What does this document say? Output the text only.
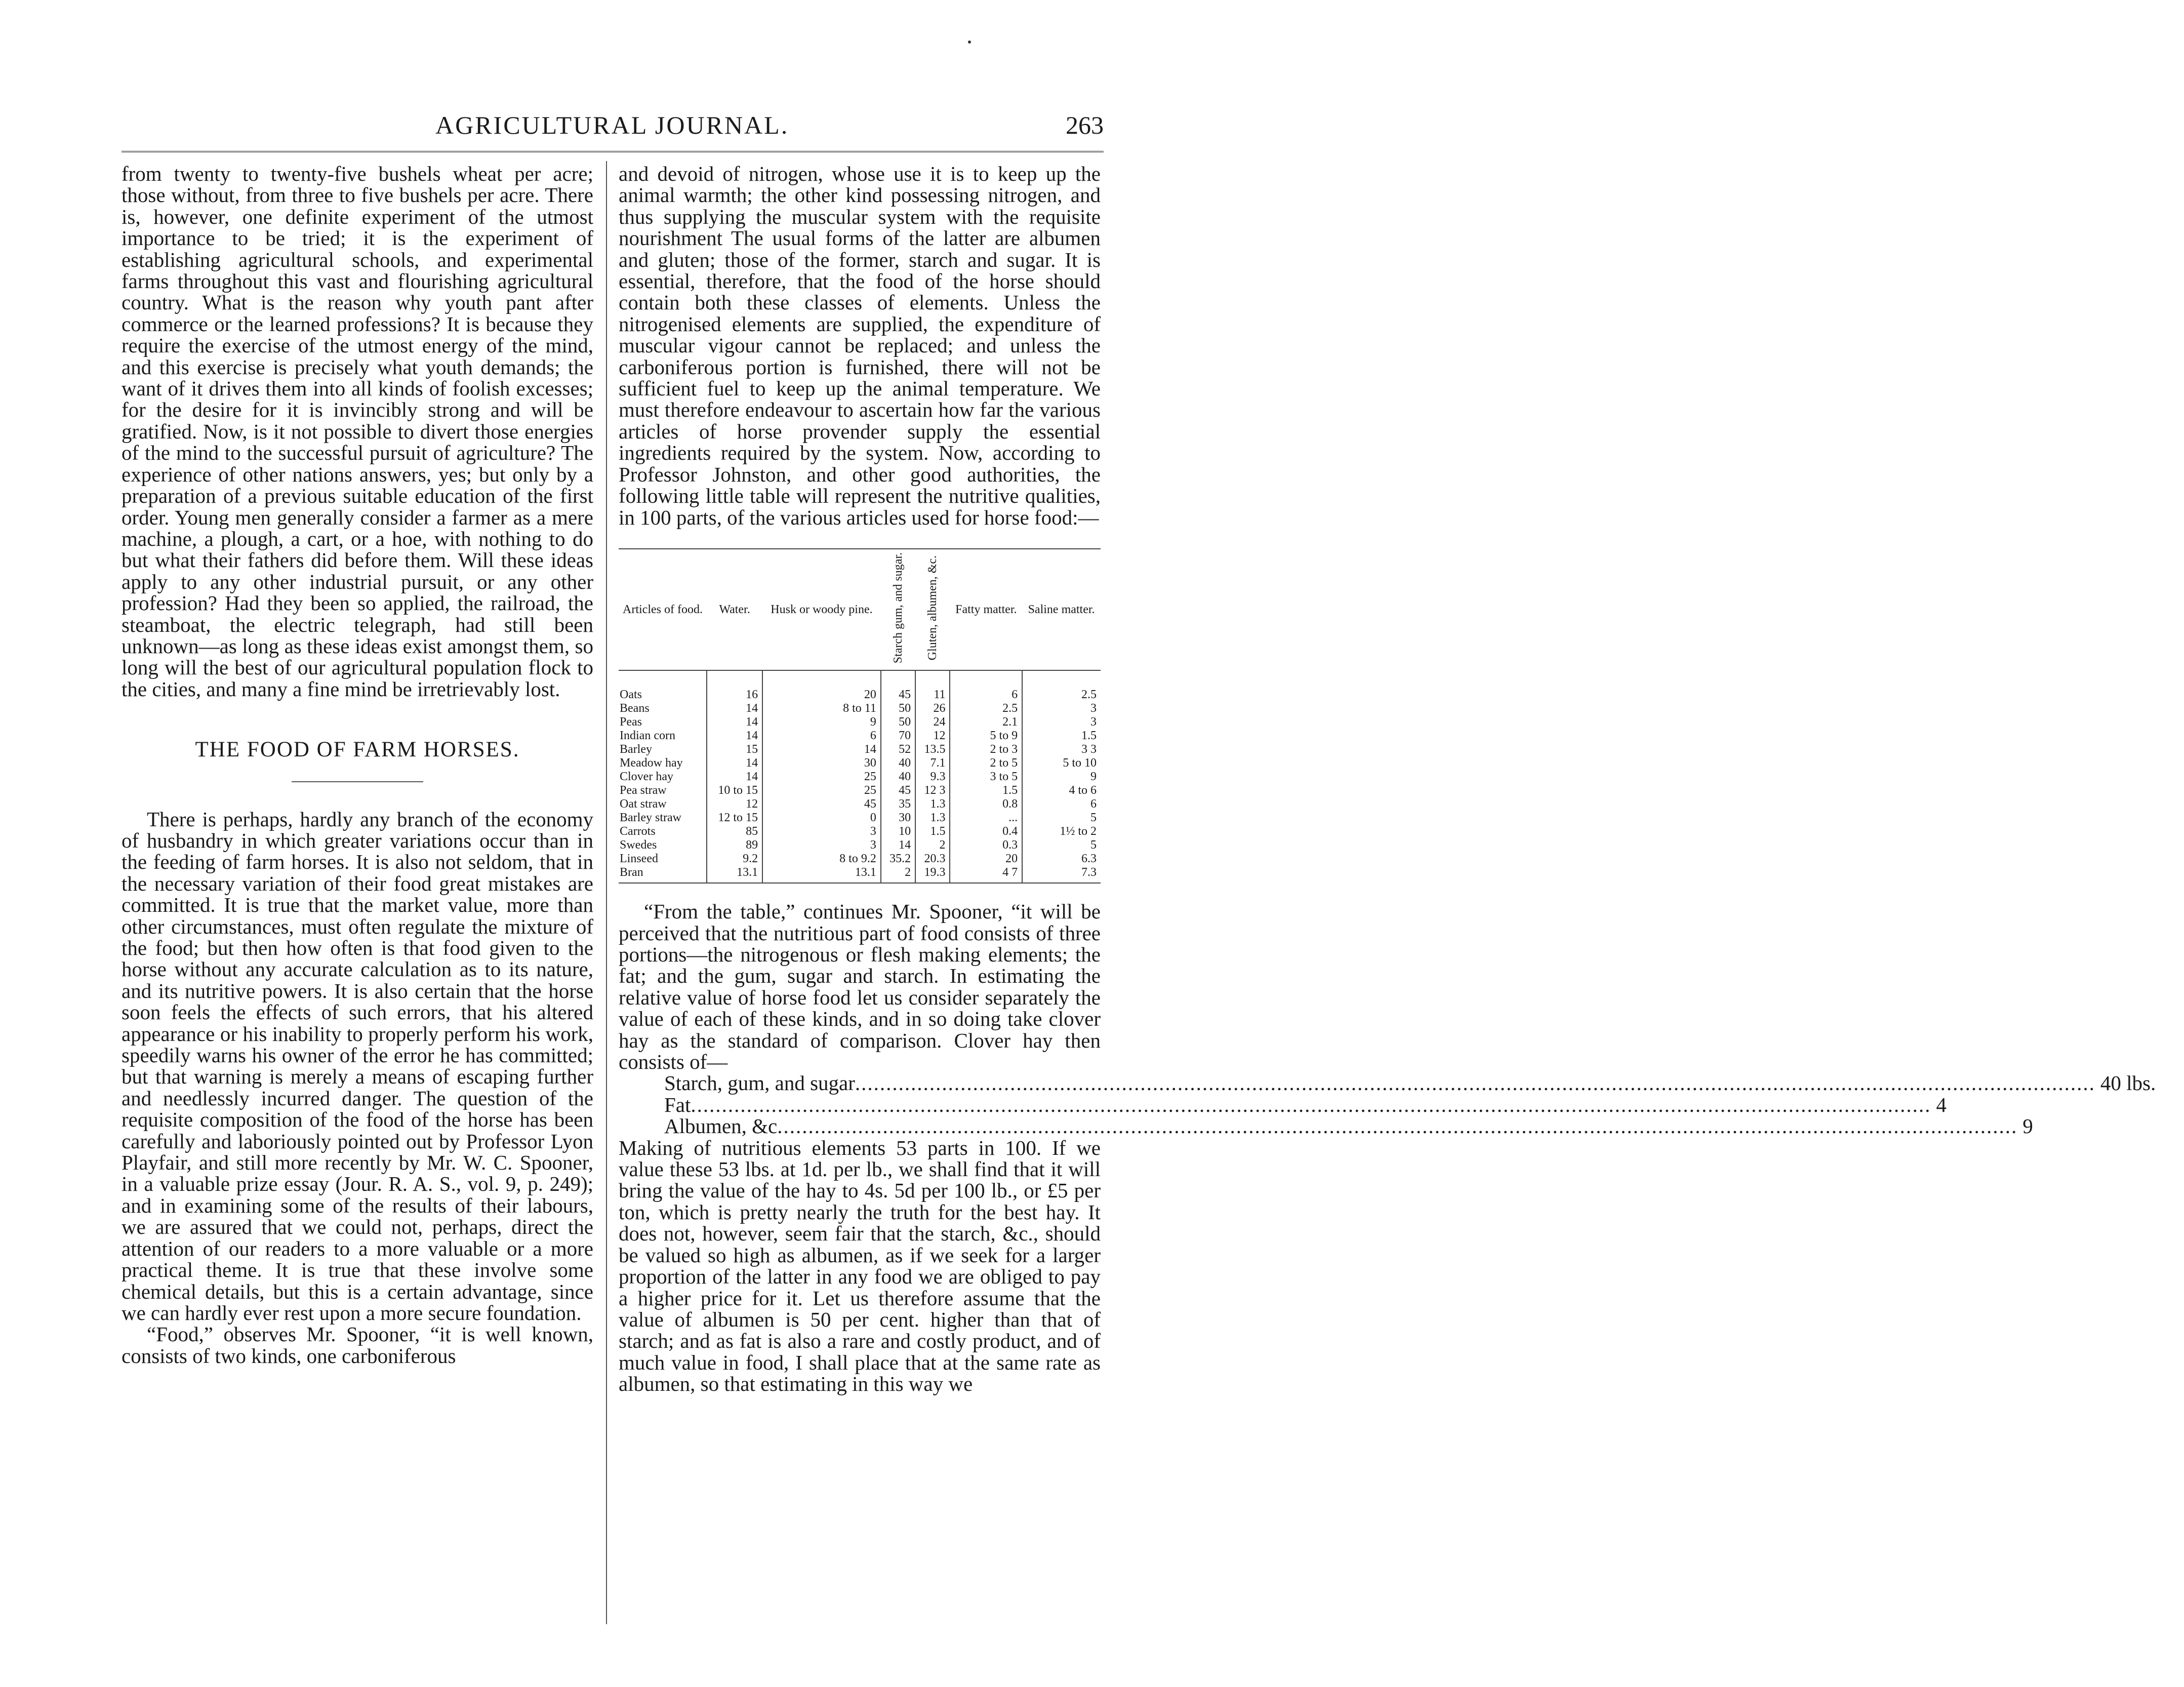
AGRICULTURAL JOURNAL.	263

from twenty to twenty-five bushels wheat per acre; those without, from three to five bushels per acre. There is, however, one definite experiment of the utmost importance to be tried; it is the experiment of establishing agricultural schools, and experimental farms throughout this vast and flourishing agricultural country. What is the reason why youth pant after commerce or the learned professions? It is because they require the exercise of the utmost energy of the mind, and this exercise is precisely what youth demands; the want of it drives them into all kinds of foolish excesses; for the desire for it is invincibly strong and will be gratified. Now, is it not possible to divert those energies of the mind to the successful pursuit of agriculture? The experience of other nations answers, yes; but only by a preparation of a previous suitable education of the first order. Young men generally consider a farmer as a mere machine, a plough, a cart, or a hoe, with nothing to do but what their fathers did before them. Will these ideas apply to any other industrial pursuit, or any other profession? Had they been so applied, the railroad, the steamboat, the electric telegraph, had still been unknown—as long as these ideas exist amongst them, so long will the best of our agricultural population flock to the cities, and many a fine mind be irretrievably lost.

THE FOOD OF FARM HORSES.

There is perhaps, hardly any branch of the economy of husbandry in which greater variations occur than in the feeding of farm horses. It is also not seldom, that in the necessary variation of their food great mistakes are committed. It is true that the market value, more than other circumstances, must often regulate the mixture of the food; but then how often is that food given to the horse without any accurate calculation as to its nature, and its nutritive powers. It is also certain that the horse soon feels the effects of such errors, that his altered appearance or his inability to properly perform his work, speedily warns his owner of the error he has committed; but that warning is merely a means of escaping further and needlessly incurred danger. The question of the requisite composition of the food of the horse has been carefully and laboriously pointed out by Professor Lyon Playfair, and still more recently by Mr. W. C. Spooner, in a valuable prize essay (Jour. R. A. S., vol. 9, p. 249); and in examining some of the results of their labours, we are assured that we could not, perhaps, direct the attention of our readers to a more valuable or a more practical theme. It is true that these involve some chemical details, but this is a certain advantage, since we can hardly ever rest upon a more secure foundation.

“Food,” observes Mr. Spooner, “it is well known, consists of two kinds, one carboniferous

and devoid of nitrogen, whose use it is to keep up the animal warmth; the other kind possessing nitrogen, and thus supplying the muscular system with the requisite nourishment The usual forms of the latter are albumen and gluten; those of the former, starch and sugar. It is essential, therefore, that the food of the horse should contain both these classes of elements. Unless the nitrogenised elements are supplied, the expenditure of muscular vigour cannot be replaced; and unless the carboniferous portion is furnished, there will not be sufficient fuel to keep up the animal temperature. We must therefore endeavour to ascertain how far the various articles of horse provender supply the essential ingredients required by the system. Now, according to Professor Johnston, and other good authorities, the following little table will represent the nutritive qualities, in 100 parts, of the various articles used for horse food:—

Articles of food.	Water.	Husk or woody pine.	Starch gum, and sugar.	Gluten, albumen, &c.	Fatty matter.	Saline matter.
Oats	16	20	45	11	6	2.5
Beans	14	8 to 11	50	26	2.5	3
Peas	14	9	50	24	2.1	3
Indian corn	14	6	70	12	5 to 9	1.5
Barley	15	14	52	13.5	2 to 3	3 3
Meadow hay	14	30	40	7.1	2 to 5	5 to 10
Clover hay	14	25	40	9.3	3 to 5	9
Pea straw	10 to 15	25	45	12 3	1.5	4 to 6
Oat straw	12	45	35	1.3	0.8	6
Barley straw	12 to 15	0	30	1.3	...	5
Carrots	85	3	10	1.5	0.4	1½ to 2
Swedes	89	3	14	2	0.3	5
Linseed	9.2	8 to 9.2	35.2	20.3	20	6.3
Bran	13.1	13.1	2	19.3	4 7	7.3

“From the table,” continues Mr. Spooner, “it will be perceived that the nutritious part of food consists of three portions—the nitrogenous or flesh making elements; the fat; and the gum, sugar and starch. In estimating the relative value of horse food let us consider separately the value of each of these kinds, and in so doing take clover hay as the standard of comparison. Clover hay then consists of—

Starch, gum, and sugar ........................................................................................................................................................................................................ 40 lbs.
Fat ........................................................................................................................................................................................................ 4
Albumen, &c ........................................................................................................................................................................................................ 9

Making of nutritious elements 53 parts in 100. If we value these 53 lbs. at 1d. per lb., we shall find that it will bring the value of the hay to 4s. 5d per 100 lb., or £5 per ton, which is pretty nearly the truth for the best hay. It does not, however, seem fair that the starch, &c., should be valued so high as albumen, as if we seek for a larger proportion of the latter in any food we are obliged to pay a higher price for it. Let us therefore assume that the value of albumen is 50 per cent. higher than that of starch; and as fat is also a rare and costly product, and of much value in food, I shall place that at the same rate as albumen, so that estimating in this way we
